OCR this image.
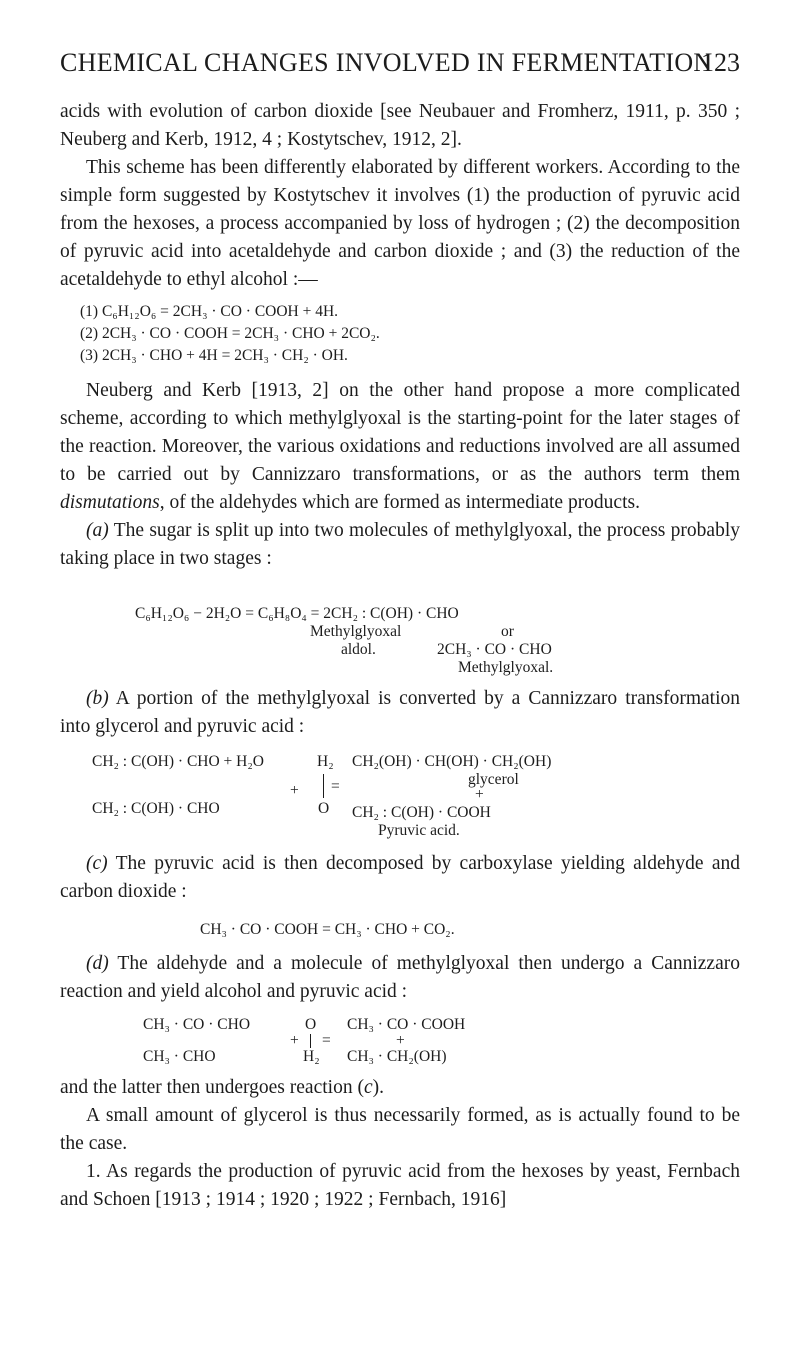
CHEMICAL CHANGES INVOLVED IN FERMENTATION
123

acids with evolution of carbon dioxide [see Neubauer and Fromherz, 1911, p. 350 ; Neuberg and Kerb, 1912, 4 ; Kostytschev, 1912, 2].

This scheme has been differently elaborated by different workers. According to the simple form suggested by Kostytschev it involves (1) the production of pyruvic acid from the hexoses, a process accompanied by loss of hydrogen ; (2) the decomposition of pyruvic acid into acetaldehyde and carbon dioxide ; and (3) the reduction of the acetaldehyde to ethyl alcohol :—

(1) C₆H₁₂O₆ = 2CH₃ · CO · COOH + 4H.
(2) 2CH₃ · CO · COOH = 2CH₃ · CHO + 2CO₂.
(3) 2CH₃ · CHO + 4H = 2CH₃ · CH₂ · OH.

Neuberg and Kerb [1913, 2] on the other hand propose a more complicated scheme, according to which methylglyoxal is the starting-point for the later stages of the reaction. Moreover, the various oxidations and reductions involved are all assumed to be carried out by Cannizzaro transformations, or as the authors term them dismutations, of the aldehydes which are formed as intermediate products.

(a) The sugar is split up into two molecules of methylglyoxal, the process probably taking place in two stages :

C₆H₁₂O₆ − 2H₂O = C₆H₈O₄ = 2CH₂ : C(OH) · CHO
Methylglyoxal	or
aldol.	2CH₃ · CO · CHO
Methylglyoxal.

(b) A portion of the methylglyoxal is converted by a Cannizzaro transformation into glycerol and pyruvic acid :

CH₂ : C(OH) · CHO + H₂O
+
CH₂ : C(OH) · CHO
H₂
=
O
CH₂(OH) · CH(OH) · CH₂(OH)
glycerol
+
CH₂ : C(OH) · COOH
Pyruvic acid.

(c) The pyruvic acid is then decomposed by carboxylase yielding aldehyde and carbon dioxide :

CH₃ · CO · COOH = CH₃ · CHO + CO₂.

(d) The aldehyde and a molecule of methylglyoxal then undergo a Cannizzaro reaction and yield alcohol and pyruvic acid :

CH₃ · CO · CHO
CH₃ · CHO
O
+ =
H₂
CH₃ · CO · COOH
+
CH₃ · CH₂(OH)

and the latter then undergoes reaction (c).

A small amount of glycerol is thus necessarily formed, as is actually found to be the case.

1. As regards the production of pyruvic acid from the hexoses by yeast, Fernbach and Schoen [1913 ; 1914 ; 1920 ; 1922 ; Fernbach, 1916]
